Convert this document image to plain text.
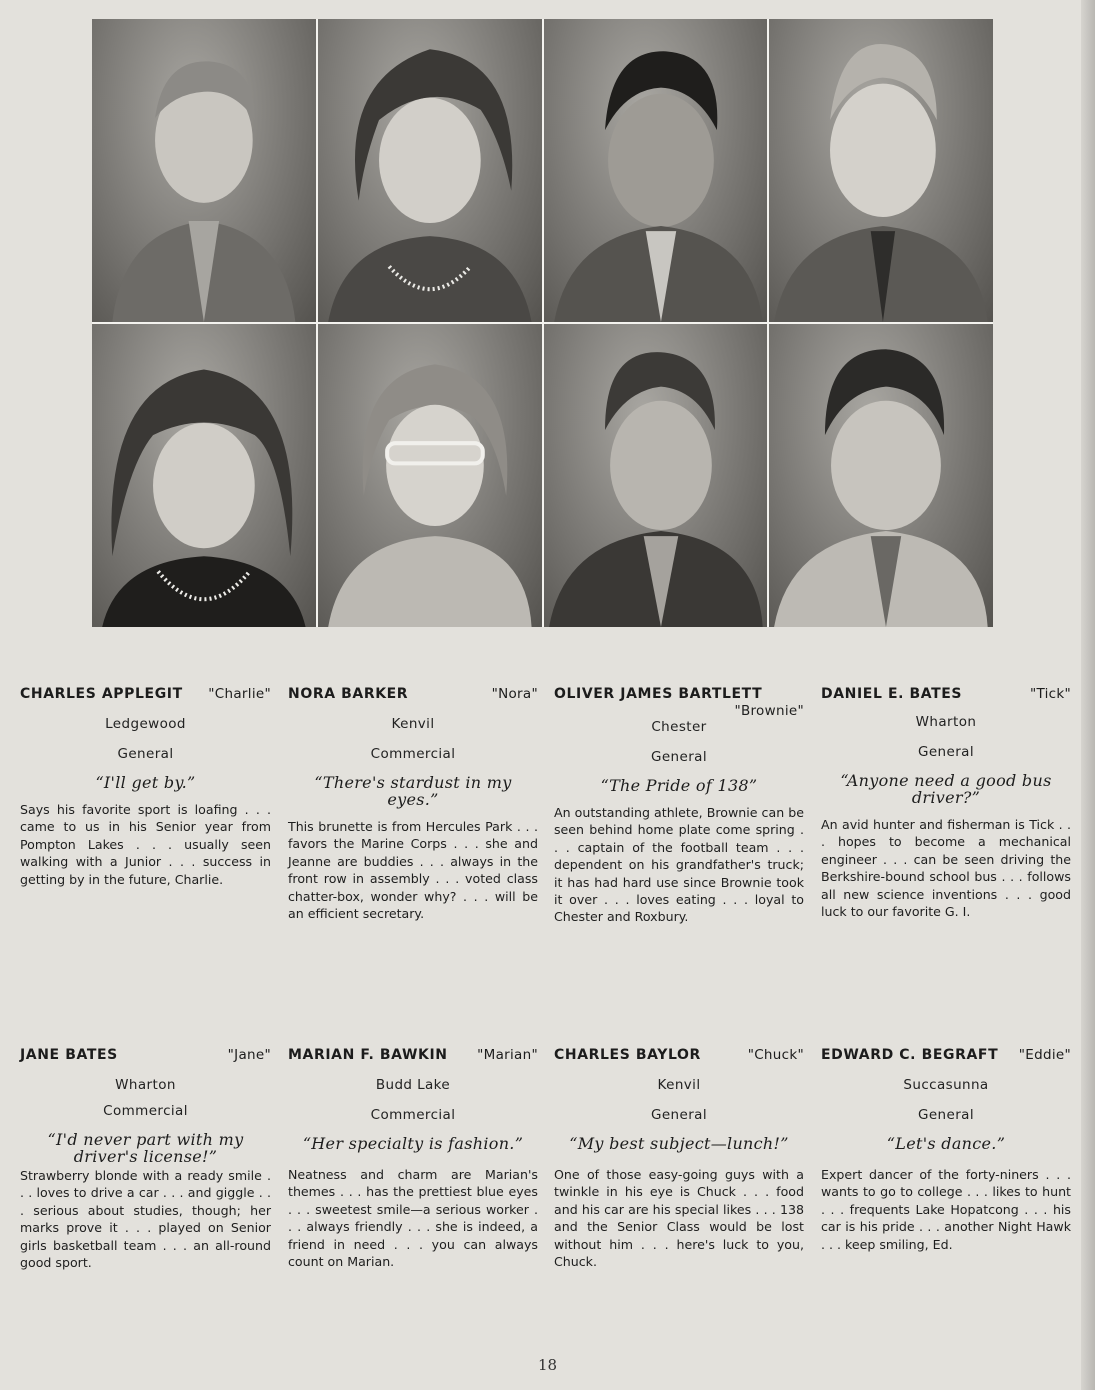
CHARLES APPLEGIT "Charlie"
Ledgewood
General
“I'll get by.”
Says his favorite sport is loafing . . . came to us in his Senior year from Pompton Lakes . . . usually seen walking with a Junior . . . success in getting by in the future, Charlie.
NORA BARKER	"Nora"
Kenvil
Commercial
“There's stardust in my eyes.”
This brunette is from Hercules Park . . . favors the Marine Corps . . . she and Jeanne are buddies . . . always in the front row in assembly . . . voted class chatter-box, wonder why? . . . will be an efficient secretary.
OLIVER JAMES BARTLETT
"Brownie"
Chester
General
“The Pride of 138”
An outstanding athlete, Brownie can be seen behind home plate come spring . . . captain of the football team . . . dependent on his grandfather's truck; it has had hard use since Brownie took it over . . . loves eating . . . loyal to Chester and Roxbury.
DANIEL E. BATES	"Tick"
Wharton
General
“Anyone need a good bus driver?”
An avid hunter and fisherman is Tick . . . hopes to become a mechanical engineer . . . can be seen driving the Berkshire-bound school bus . . . follows all new science inventions . . . good luck to our favorite G. I.
JANE BATES	"Jane"
Wharton
Commercial
“I'd never part with my driver's license!”
Strawberry blonde with a ready smile . . . loves to drive a car . . . and giggle . . . serious about studies, though; her marks prove it . . . played on Senior girls basketball team . . . an all-round good sport.
MARIAN F. BAWKIN "Marian"
Budd Lake
Commercial
“Her specialty is fashion.”
Neatness and charm are Marian's themes . . . has the prettiest blue eyes . . . sweetest smile—a serious worker . . . always friendly . . . she is indeed, a friend in need . . . you can always count on Marian.
CHARLES BAYLOR	"Chuck"
Kenvil
General
“My best subject—lunch!”
One of those easy-going guys with a twinkle in his eye is Chuck . . . food and his car are his special likes . . . 138 and the Senior Class would be lost without him . . . here's luck to you, Chuck.
EDWARD C. BEGRAFT "Eddie"
Succasunna
General
“Let's dance.”
Expert dancer of the forty-niners . . . wants to go to college . . . likes to hunt . . . frequents Lake Hopatcong . . . his car is his pride . . . another Night Hawk . . . keep smiling, Ed.
18
